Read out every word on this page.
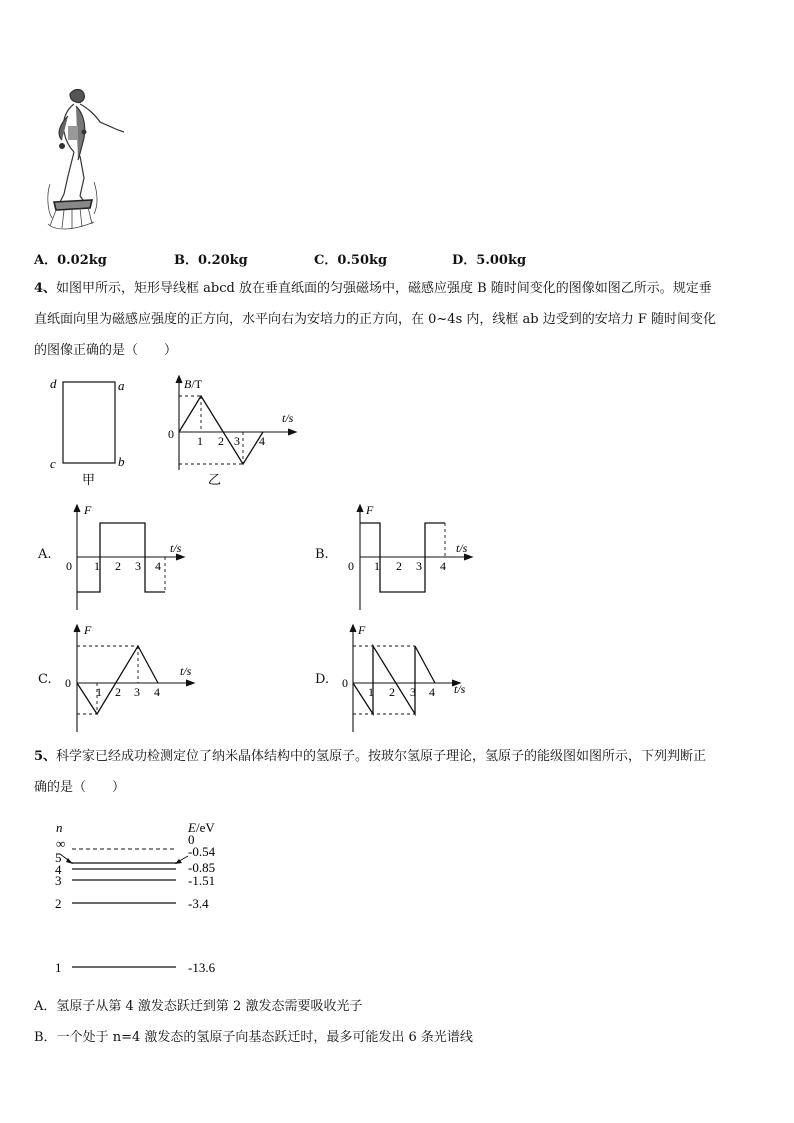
A．0.02kg	B．0.20kg	C．0.50kg	D．5.00kg
4、如图甲所示，矩形导线框 abcd 放在垂直纸面的匀强磁场中，磁感应强度 B 随时间变化的图像如图乙所示。规定垂
直纸面向里为磁感应强度的正方向，水平向右为安培力的正方向，在 0~4s 内，线框 ab 边受到的安培力 F 随时间变化
的图像正确的是（　　）
d	a
c	b
甲
B/T
t/s
0 1 2 3 4
乙
A.
F
t/s
0 1 2 3 4
B.
F
t/s
0 1 2 3 4
C.
F
t/s
0
1 2 3 4
D.
F
t/s
0
1 2 3 4
5、科学家已经成功检测定位了纳米晶体结构中的氢原子。按玻尔氢原子理论，氢原子的能级图如图所示，下列判断正
确的是（　　）
n	E/eV
∞	0
5	-0.54
4	-0.85
3	-1.51
2	-3.4
1	-13.6
A．氢原子从第 4 激发态跃迁到第 2 激发态需要吸收光子
B．一个处于 n=4 激发态的氢原子向基态跃迁时，最多可能发出 6 条光谱线
